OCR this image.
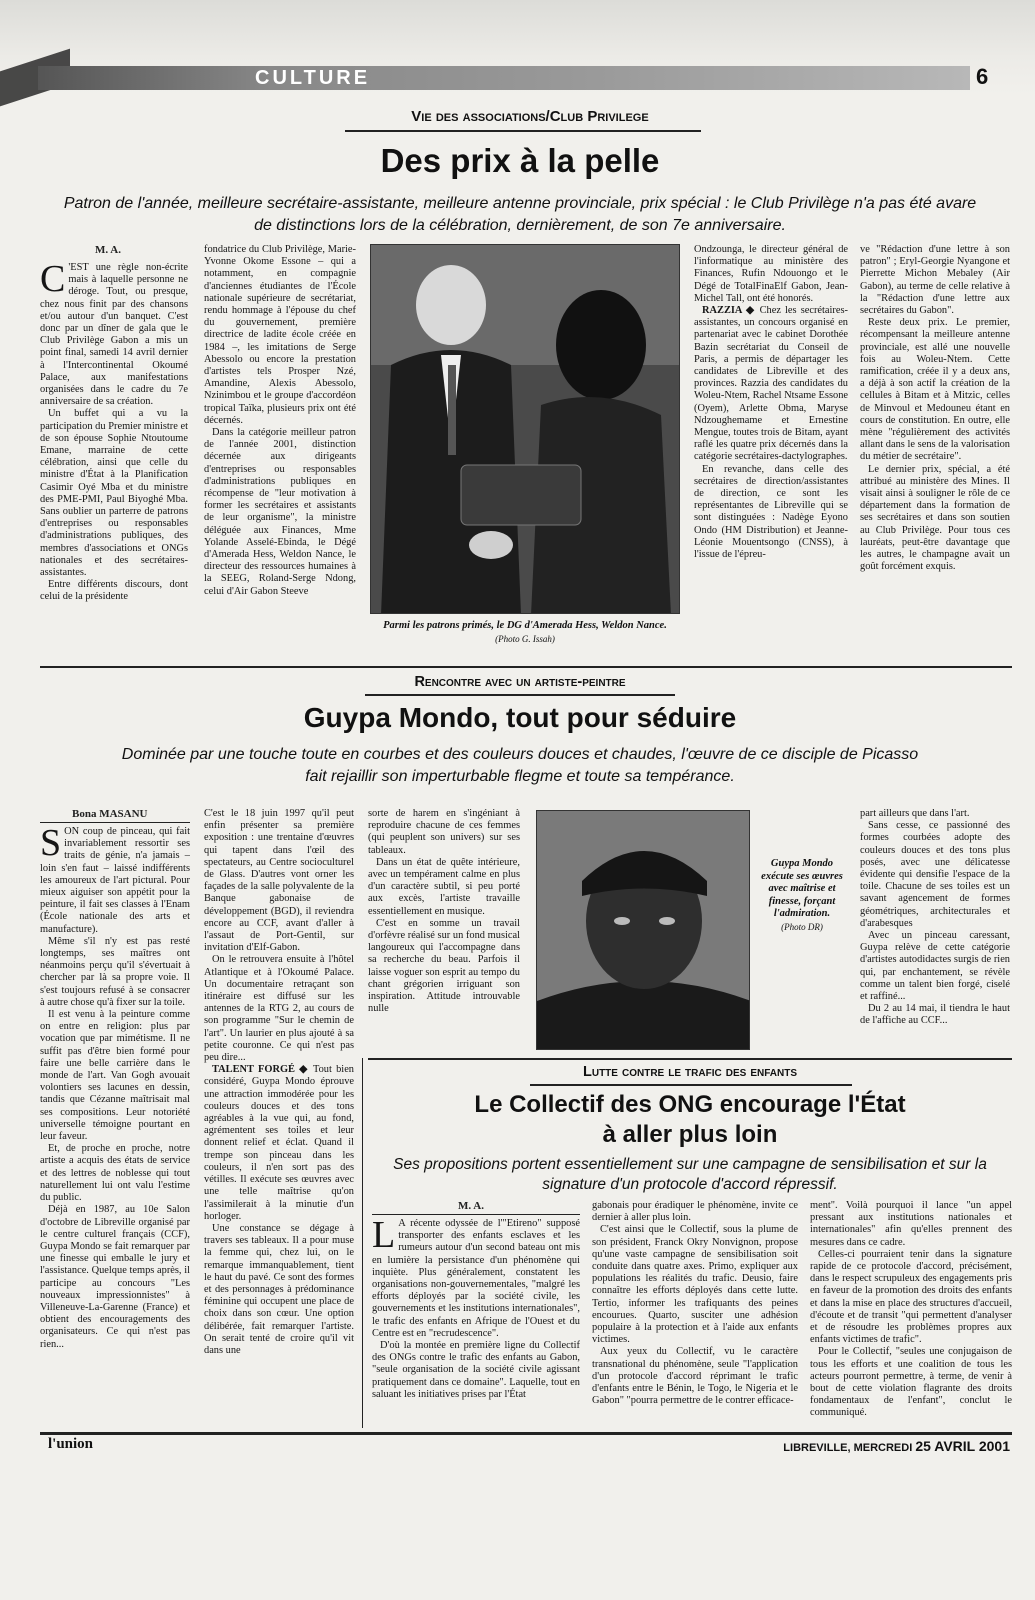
CULTURE	6
Vie des associations/Club Privilege
Des prix à la pelle
Patron de l'année, meilleure secrétaire-assistante, meilleure antenne provinciale, prix spécial : le Club Privilège n'a pas été avare de distinctions lors de la célébration, dernièrement, de son 7e anniversaire.
M. A.

C 'EST une règle non-écrite mais à laquelle personne ne déroge. Tout, ou presque, chez nous finit par des chansons et/ou autour d'un banquet. C'est donc par un dîner de gala que le Club Privilège Gabon a mis un point final, samedi 14 avril dernier à l'Intercontinental Okoumé Palace, aux manifestations organisées dans le cadre du 7e anniversaire de sa création.

Un buffet qui a vu la participation du Premier ministre et de son épouse Sophie Ntoutoume Emane, marraine de cette célébration, ainsi que celle du ministre d'État à la Planification Casimir Oyé Mba et du ministre des PME-PMI, Paul Biyoghé Mba. Sans oublier un parterre de patrons d'entreprises ou responsables d'administrations publiques, des membres d'associations et ONGs nationales et des secrétaires-assistantes.

Entre différents discours, dont celui de la présidente

fondatrice du Club Privilège, Marie-Yvonne Okome Essone – qui a notamment, en compagnie d'anciennes étudiantes de l'École nationale supérieure de secrétariat, rendu hommage à l'épouse du chef du gouvernement, première directrice de ladite école créée en 1984 –, les imitations de Serge Abessolo ou encore la prestation d'artistes tels Prosper Nzé, Amandine, Alexis Abessolo, Nzinimbou et le groupe d'accordéon tropical Taïka, plusieurs prix ont été décernés.

Dans la catégorie meilleur patron de l'année 2001, distinction décernée aux dirigeants d'entreprises ou responsables d'administrations publiques en récompense de "leur motivation à former les secrétaires et assistants de leur organisme", la ministre déléguée aux Finances, Mme Yolande Asselé-Ebinda, le Dégé d'Amerada Hess, Weldon Nance, le directeur des ressources humaines à la SEEG, Roland-Serge Ndong, celui d'Air Gabon Steeve

Parmi les patrons primés, le DG d'Amerada Hess, Weldon Nance. (Photo G. Issah)

Ondzounga, le directeur général de l'informatique au ministère des Finances, Rufin Ndouongo et le Dégé de TotalFinaElf Gabon, Jean-Michel Tall, ont été honorés.

RAZZIA ◆ Chez les secrétaires-assistantes, un concours organisé en partenariat avec le cabinet Dorothée Bazin secrétariat du Conseil de Paris, a permis de départager les candidates de Libreville et des provinces. Razzia des candidates du Woleu-Ntem, Rachel Ntsame Essone (Oyem), Arlette Obma, Maryse Ndzoughemame et Ernestine Mengue, toutes trois de Bitam, ayant raflé les quatre prix décernés dans la catégorie secrétaires-dactylographes.

En revanche, dans celle des secrétaires de direction/assistantes de direction, ce sont les représentantes de Libreville qui se sont distinguées : Nadège Eyono Ondo (HM Distribution) et Jeanne-Léonie Mouentsongo (CNSS), à l'issue de l'épreu-

ve "Rédaction d'une lettre à son patron" ; Eryl-Georgie Nyangone et Pierrette Michon Mebaley (Air Gabon), au terme de celle relative à la "Rédaction d'une lettre aux secrétaires du Gabon".

Reste deux prix. Le premier, récompensant la meilleure antenne provinciale, est allé une nouvelle fois au Woleu-Ntem. Cette ramification, créée il y a deux ans, a déjà à son actif la création de la cellules à Bitam et à Mitzic, celles de Minvoul et Medouneu étant en cours de constitution. En outre, elle mène "régulièrement des activités allant dans le sens de la valorisation du métier de secrétaire".

Le dernier prix, spécial, a été attribué au ministère des Mines. Il visait ainsi à souligner le rôle de ce département dans la formation de ses secrétaires et dans son soutien au Club Privilège. Pour tous ces lauréats, peut-être davantage que les autres, le champagne avait un goût forcément exquis.

Rencontre avec un artiste-peintre
Guypa Mondo, tout pour séduire
Dominée par une touche toute en courbes et des couleurs douces et chaudes, l'œuvre de ce disciple de Picasso fait rejaillir son imperturbable flegme et toute sa tempérance.
Bona MASANU

SON coup de pinceau, qui fait invariablement ressortir ses traits de génie, n'a jamais – loin s'en faut – laissé indifférents les amoureux de l'art pictural. Pour mieux aiguiser son appétit pour la peinture, il fait ses classes à l'Enam (École nationale des arts et manufacture).

Même s'il n'y est pas resté longtemps, ses maîtres ont néanmoins perçu qu'il s'évertuait à chercher par là sa propre voie. Il s'est toujours refusé à se consacrer à autre chose qu'à fixer sur la toile.

Il est venu à la peinture comme on entre en religion: plus par vocation que par mimétisme. Il ne suffit pas d'être bien formé pour faire une belle carrière dans le monde de l'art. Van Gogh avouait volontiers ses lacunes en dessin, tandis que Cézanne maîtrisait mal ses compositions. Leur notoriété universelle témoigne pourtant en leur faveur.

Et, de proche en proche, notre artiste a acquis des états de service et des lettres de noblesse qui tout naturellement lui ont valu l'estime du public.

Déjà en 1987, au 10e Salon d'octobre de Libreville organisé par le centre culturel français (CCF), Guypa Mondo se fait remarquer par une finesse qui emballe le jury et l'assistance. Quelque temps après, il participe au concours "Les nouveaux impressionnistes" à Villeneuve-La-Garenne (France) et obtient des encouragements des organisateurs. Ce qui n'est pas rien...

C'est le 18 juin 1997 qu'il peut enfin présenter sa première exposition : une trentaine d'œuvres qui tapent dans l'œil des spectateurs, au Centre socioculturel de Glass. D'autres vont orner les façades de la salle polyvalente de la Banque gabonaise de développement (BGD), il reviendra encore au CCF, avant d'aller à l'assaut de Port-Gentil, sur invitation d'Elf-Gabon.

On le retrouvera ensuite à l'hôtel Atlantique et à l'Okoumé Palace. Un documentaire retraçant son itinéraire est diffusé sur les antennes de la RTG 2, au cours de son programme "Sur le chemin de l'art". Un laurier en plus ajouté à sa petite couronne. Ce qui n'est pas peu dire...

TALENT FORGÉ ◆ Tout bien considéré, Guypa Mondo éprouve une attraction immodérée pour les couleurs douces et des tons agréables à la vue qui, au fond, agrémentent ses toiles et leur donnent relief et éclat. Quand il trempe son pinceau dans les couleurs, il n'en sort pas des vétilles. Il exécute ses œuvres avec une telle maîtrise qu'on l'assimilerait à la minutie d'un horloger.

Une constance se dégage à travers ses tableaux. Il a pour muse la femme qui, chez lui, on le remarque immanquablement, tient le haut du pavé. Ce sont des formes et des personnages à prédominance féminine qui occupent une place de choix dans son cœur. Une option délibérée, fait remarquer l'artiste. On serait tenté de croire qu'il vit dans une

sorte de harem en s'ingéniant à reproduire chacune de ces femmes (qui peuplent son univers) sur ses tableaux.

Dans un état de quête intérieure, avec un tempérament calme en plus d'un caractère subtil, si peu porté aux excès, l'artiste travaille essentiellement en musique.

C'est en somme un travail d'orfèvre réalisé sur un fond musical langoureux qui l'accompagne dans sa recherche du beau. Parfois il laisse voguer son esprit au tempo du chant grégorien irriguant son inspiration. Attitude introuvable nulle

Guypa Mondo exécute ses œuvres avec maîtrise et finesse, forçant l'admiration.
(Photo DR)

part ailleurs que dans l'art.

Sans cesse, ce passionné des formes courbées adopte des couleurs douces et des tons plus posés, avec une délicatesse évidente qui densifie l'espace de la toile. Chacune de ses toiles est un savant agencement de formes géométriques, architecturales et d'arabesques

Avec un pinceau caressant, Guypa relève de cette catégorie d'artistes autodidactes surgis de rien qui, par enchantement, se révèle comme un talent bien forgé, ciselé et raffiné...

Du 2 au 14 mai, il tiendra le haut de l'affiche au CCF...

Lutte contre le trafic des enfants
Le Collectif des ONG encourage l'État
à aller plus loin
Ses propositions portent essentiellement sur une campagne de sensibilisation et sur la signature d'un protocole d'accord répressif.
M. A.

L A récente odyssée de l'"Etireno" supposé transporter des enfants esclaves et les rumeurs autour d'un second bateau ont mis en lumière la persistance d'un phénomène qui inquiète. Plus généralement, constatent les organisations non-gouvernementales, "malgré les efforts déployés par la société civile, les gouvernements et les institutions internationales", le trafic des enfants en Afrique de l'Ouest et du Centre est en "recrudescence".

D'où la montée en première ligne du Collectif des ONGs contre le trafic des enfants au Gabon, "seule organisation de la société civile agissant pratiquement dans ce domaine". Laquelle, tout en saluant les initiatives prises par l'État

gabonais pour éradiquer le phénomène, invite ce dernier à aller plus loin.

C'est ainsi que le Collectif, sous la plume de son président, Franck Okry Nonvignon, propose qu'une vaste campagne de sensibilisation soit conduite dans quatre axes. Primo, expliquer aux populations les réalités du trafic. Deusio, faire connaître les efforts déployés dans cette lutte. Tertio, informer les trafiquants des peines encourues. Quarto, susciter une adhésion populaire à la protection et à l'aide aux enfants victimes.

Aux yeux du Collectif, vu le caractère transnational du phénomène, seule "l'application d'un protocole d'accord réprimant le trafic d'enfants entre le Bénin, le Togo, le Nigeria et le Gabon" "pourra permettre de le contrer efficace-

ment". Voilà pourquoi il lance "un appel pressant aux institutions nationales et internationales" afin qu'elles prennent des mesures dans ce cadre.

Celles-ci pourraient tenir dans la signature rapide de ce protocole d'accord, précisément, dans le respect scrupuleux des engagements pris en faveur de la promotion des droits des enfants et dans la mise en place des structures d'accueil, d'écoute et de transit "qui permettent d'analyser et de résoudre les problèmes propres aux enfants victimes de trafic".

Pour le Collectif, "seules une conjugaison de tous les efforts et une coalition de tous les acteurs pourront permettre, à terme, de venir à bout de cette violation flagrante des droits fondamentaux de l'enfant", conclut le communiqué.

l'union	LIBREVILLE, MERCREDI 25 AVRIL 2001
